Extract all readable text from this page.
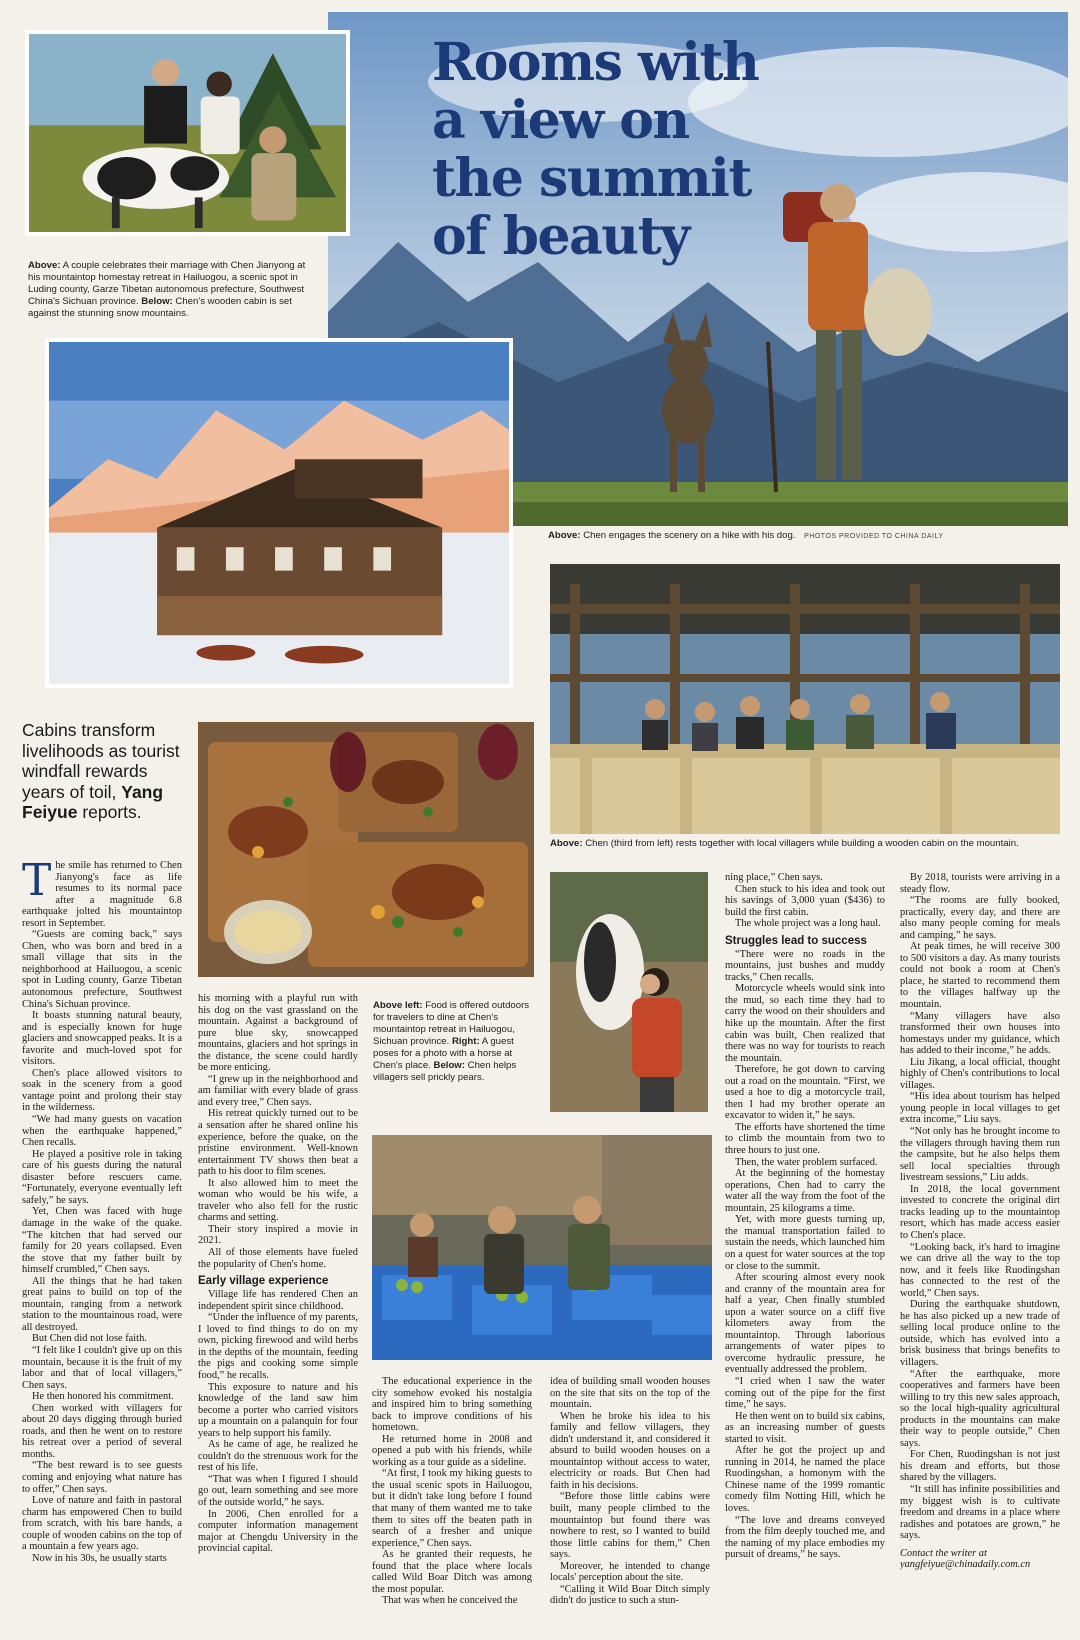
Rooms with a view on the summit of beauty
Above: A couple celebrates their marriage with Chen Jianyong at his mountaintop homestay retreat in Hailuogou, a scenic spot in Luding county, Garze Tibetan autonomous prefecture, Southwest China's Sichuan province. Below: Chen's wooden cabin is set against the stunning snow mountains.
Above: Chen engages the scenery on a hike with his dog. PHOTOS PROVIDED TO CHINA DAILY
Above: Chen (third from left) rests together with local villagers while building a wooden cabin on the mountain.
Above left: Food is offered outdoors for travelers to dine at Chen's mountaintop retreat in Hailuogou, Sichuan province. Right: A guest poses for a photo with a horse at Chen's place. Below: Chen helps villagers sell prickly pears.
Cabins transform livelihoods as tourist windfall rewards years of toil, Yang Feiyue reports.
T he smile has returned to Chen Jianyong's face as life resumes to its normal pace after a magnitude 6.8 earthquake jolted his mountaintop resort in September.

“Guests are coming back,” says Chen, who was born and bred in a small village that sits in the neighborhood at Hailuogou, a scenic spot in Luding county, Garze Tibetan autonomous prefecture, Southwest China's Sichuan province.

It boasts stunning natural beauty, and is especially known for huge glaciers and snowcapped peaks. It is a favorite and much-loved spot for visitors.

Chen's place allowed visitors to soak in the scenery from a good vantage point and prolong their stay in the wilderness.

“We had many guests on vacation when the earthquake happened,” Chen recalls.

He played a positive role in taking care of his guests during the natural disaster before rescuers came. “Fortunately, everyone eventually left safely,” he says.

Yet, Chen was faced with huge damage in the wake of the quake. “The kitchen that had served our family for 20 years collapsed. Even the stove that my father built by himself crumbled,” Chen says.

All the things that he had taken great pains to build on top of the mountain, ranging from a network station to the mountainous road, were all destroyed.

But Chen did not lose faith.

“I felt like I couldn't give up on this mountain, because it is the fruit of my labor and that of local villagers,” Chen says.

He then honored his commitment.

Chen worked with villagers for about 20 days digging through buried roads, and then he went on to restore his retreat over a period of several months.

“The best reward is to see guests coming and enjoying what nature has to offer,” Chen says.

Love of nature and faith in pastoral charm has empowered Chen to build from scratch, with his bare hands, a couple of wooden cabins on the top of a mountain a few years ago.

Now in his 30s, he usually starts

his morning with a playful run with his dog on the vast grassland on the mountain. Against a background of pure blue sky, snowcapped mountains, glaciers and hot springs in the distance, the scene could hardly be more enticing.

“I grew up in the neighborhood and am familiar with every blade of grass and every tree,” Chen says.

His retreat quickly turned out to be a sensation after he shared online his experience, before the quake, on the pristine environment. Well-known entertainment TV shows then beat a path to his door to film scenes.

It also allowed him to meet the woman who would be his wife, a traveler who also fell for the rustic charms and setting.

Their story inspired a movie in 2021.

All of those elements have fueled the popularity of Chen's home.

Early village experience

Village life has rendered Chen an independent spirit since childhood.

“Under the influence of my parents, I loved to find things to do on my own, picking firewood and wild herbs in the depths of the mountain, feeding the pigs and cooking some simple food,” he recalls.

This exposure to nature and his knowledge of the land saw him become a porter who carried visitors up a mountain on a palanquin for four years to help support his family.

As he came of age, he realized he couldn't do the strenuous work for the rest of his life.

“That was when I figured I should go out, learn something and see more of the outside world,” he says.

In 2006, Chen enrolled for a computer information management major at Chengdu University in the provincial capital.

The educational experience in the city somehow evoked his nostalgia and inspired him to bring something back to improve conditions of his hometown.

He returned home in 2008 and opened a pub with his friends, while working as a tour guide as a sideline.

“At first, I took my hiking guests to the usual scenic spots in Hailuogou, but it didn't take long before I found that many of them wanted me to take them to sites off the beaten path in search of a fresher and unique experience,” Chen says.

As he granted their requests, he found that the place where locals called Wild Boar Ditch was among the most popular.

That was when he conceived the

idea of building small wooden houses on the site that sits on the top of the mountain.

When he broke his idea to his family and fellow villagers, they didn't understand it, and considered it absurd to build wooden houses on a mountaintop without access to water, electricity or roads. But Chen had faith in his decisions.

“Before those little cabins were built, many people climbed to the mountaintop but found there was nowhere to rest, so I wanted to build those little cabins for them,” Chen says.

Moreover, he intended to change locals' perception about the site.

“Calling it Wild Boar Ditch simply didn't do justice to such a stun-

ning place,” Chen says.

Chen stuck to his idea and took out his savings of 3,000 yuan ($436) to build the first cabin.

The whole project was a long haul.

Struggles lead to success

“There were no roads in the mountains, just bushes and muddy tracks,” Chen recalls.

Motorcycle wheels would sink into the mud, so each time they had to carry the wood on their shoulders and hike up the mountain. After the first cabin was built, Chen realized that there was no way for tourists to reach the mountain.

Therefore, he got down to carving out a road on the mountain. “First, we used a hoe to dig a motorcycle trail, then I had my brother operate an excavator to widen it,” he says.

The efforts have shortened the time to climb the mountain from two to three hours to just one.

Then, the water problem surfaced.

At the beginning of the homestay operations, Chen had to carry the water all the way from the foot of the mountain, 25 kilograms a time.

Yet, with more guests turning up, the manual transportation failed to sustain the needs, which launched him on a quest for water sources at the top or close to the summit.

After scouring almost every nook and cranny of the mountain area for half a year, Chen finally stumbled upon a water source on a cliff five kilometers away from the mountaintop. Through laborious arrangements of water pipes to overcome hydraulic pressure, he eventually addressed the problem.

“I cried when I saw the water coming out of the pipe for the first time,” he says.

He then went on to build six cabins, as an increasing number of guests started to visit.

After he got the project up and running in 2014, he named the place Ruodingshan, a homonym with the Chinese name of the 1999 romantic comedy film Notting Hill, which he loves.

“The love and dreams conveyed from the film deeply touched me, and the naming of my place embodies my pursuit of dreams,” he says.

By 2018, tourists were arriving in a steady flow.

“The rooms are fully booked, practically, every day, and there are also many people coming for meals and camping,” he says.

At peak times, he will receive 300 to 500 visitors a day. As many tourists could not book a room at Chen's place, he started to recommend them to the villages halfway up the mountain.

“Many villagers have also transformed their own houses into homestays under my guidance, which has added to their income,” he adds.

Liu Jikang, a local official, thought highly of Chen's contributions to local villages.

“His idea about tourism has helped young people in local villages to get extra income,” Liu says.

“Not only has he brought income to the villagers through having them run the campsite, but he also helps them sell local specialties through livestream sessions,” Liu adds.

In 2018, the local government invested to concrete the original dirt tracks leading up to the mountaintop resort, which has made access easier to Chen's place.

“Looking back, it's hard to imagine we can drive all the way to the top now, and it feels like Ruodingshan has connected to the rest of the world,” Chen says.

During the earthquake shutdown, he has also picked up a new trade of selling local produce online to the outside, which has evolved into a brisk business that brings benefits to villagers.

“After the earthquake, more cooperatives and farmers have been willing to try this new sales approach, so the local high-quality agricultural products in the mountains can make their way to people outside,” Chen says.

For Chen, Ruodingshan is not just his dream and efforts, but those shared by the villagers.

“It still has infinite possibilities and my biggest wish is to cultivate freedom and dreams in a place where radishes and potatoes are grown,” he says.

Contact the writer at
yangfeiyue@chinadaily.com.cn
